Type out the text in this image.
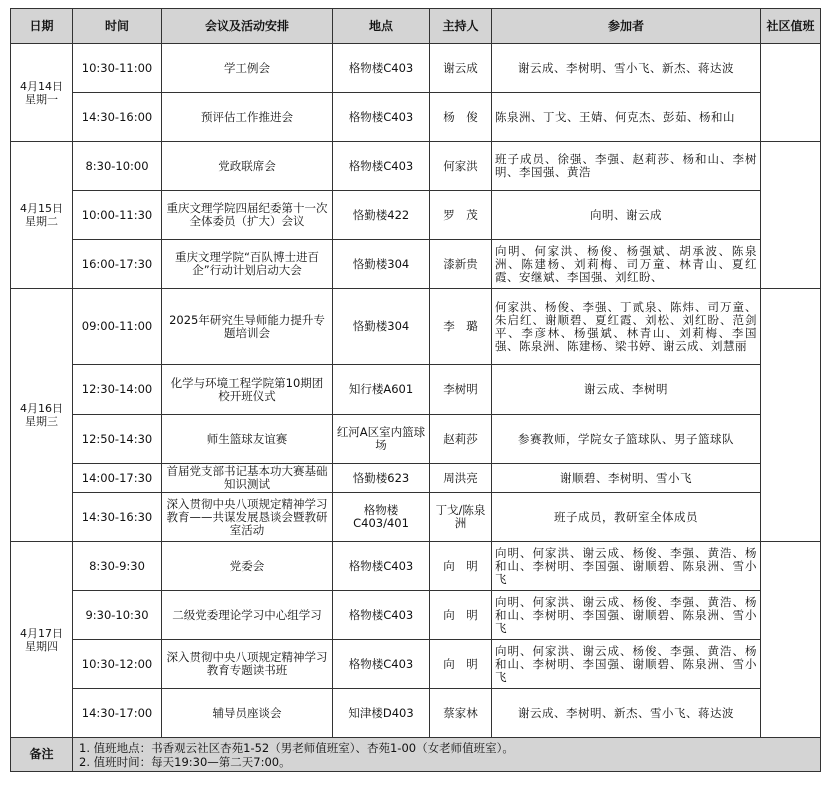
日期	时间	会议及活动安排	地点	主持人	参加者	社区值班

4月14日
星期一	10:30-11:00	学工例会	格物楼C403	谢云成	谢云成、李树明、雪小飞、新杰、蒋达波	
	14:30-16:00	预评估工作推进会	格物楼C403	杨　俊	陈泉洲、丁戈、王婧、何克杰、彭茹、杨和山	

4月15日
星期二	8:30-10:00	党政联席会	格物楼C403	何家洪	班子成员、徐强、李强、赵莉莎、杨和山、李树明、李国强、黄浩	
	10:00-11:30	重庆文理学院四届纪委第十一次全体委员（扩大）会议	恪勤楼422	罗　茂	向明、谢云成	
	16:00-17:30	重庆文理学院“百队博士进百企”行动计划启动大会	恪勤楼304	漆新贵	向明、何家洪、杨俊、杨强斌、胡承波、陈泉洲、陈建杨、刘莉梅、司万童、林青山、夏红霞、安继斌、李国强、刘红盼、	

4月16日
星期三	09:00-11:00	2025年研究生导师能力提升专题培训会	恪勤楼304	李　璐	何家洪、杨俊、李强、丁贰泉、陈炜、司万童、朱启红、谢顺碧、夏红霞、刘松、刘红盼、范剑平、李彦林、杨强斌、林青山、刘莉梅、李国强、陈泉洲、陈建杨、梁书婷、谢云成、刘慧丽	
	12:30-14:00	化学与环境工程学院第10期团校开班仪式	知行楼A601	李树明	谢云成、李树明	
	12:50-14:30	师生篮球友谊赛	红河A区室内篮球场	赵莉莎	参赛教师，学院女子篮球队、男子篮球队	
	14:00-17:30	首届党支部书记基本功大赛基础知识测试	恪勤楼623	周洪亮	谢顺碧、李树明、雪小飞	
	14:30-16:30	深入贯彻中央八项规定精神学习教育——共谋发展恳谈会暨教研室活动	格物楼C403/401	丁戈/陈泉洲	班子成员，教研室全体成员	

4月17日
星期四	8:30-9:30	党委会	格物楼C403	向　明	向明、何家洪、谢云成、杨俊、李强、黄浩、杨和山、李树明、李国强、谢顺碧、陈泉洲、雪小飞	
	9:30-10:30	二级党委理论学习中心组学习	格物楼C403	向　明	向明、何家洪、谢云成、杨俊、李强、黄浩、杨和山、李树明、李国强、谢顺碧、陈泉洲、雪小飞	
	10:30-12:00	深入贯彻中央八项规定精神学习教育专题读书班	格物楼C403	向　明	向明、何家洪、谢云成、杨俊、李强、黄浩、杨和山、李树明、李国强、谢顺碧、陈泉洲、雪小飞	
	14:30-17:00	辅导员座谈会	知津楼D403	蔡家林	谢云成、李树明、新杰、雪小飞、蒋达波	
备注	1. 值班地点：书香观云社区杏苑1-52（男老师值班室）、杏苑1-00（女老师值班室）。
2. 值班时间：每天19:30—第二天7:00。					
